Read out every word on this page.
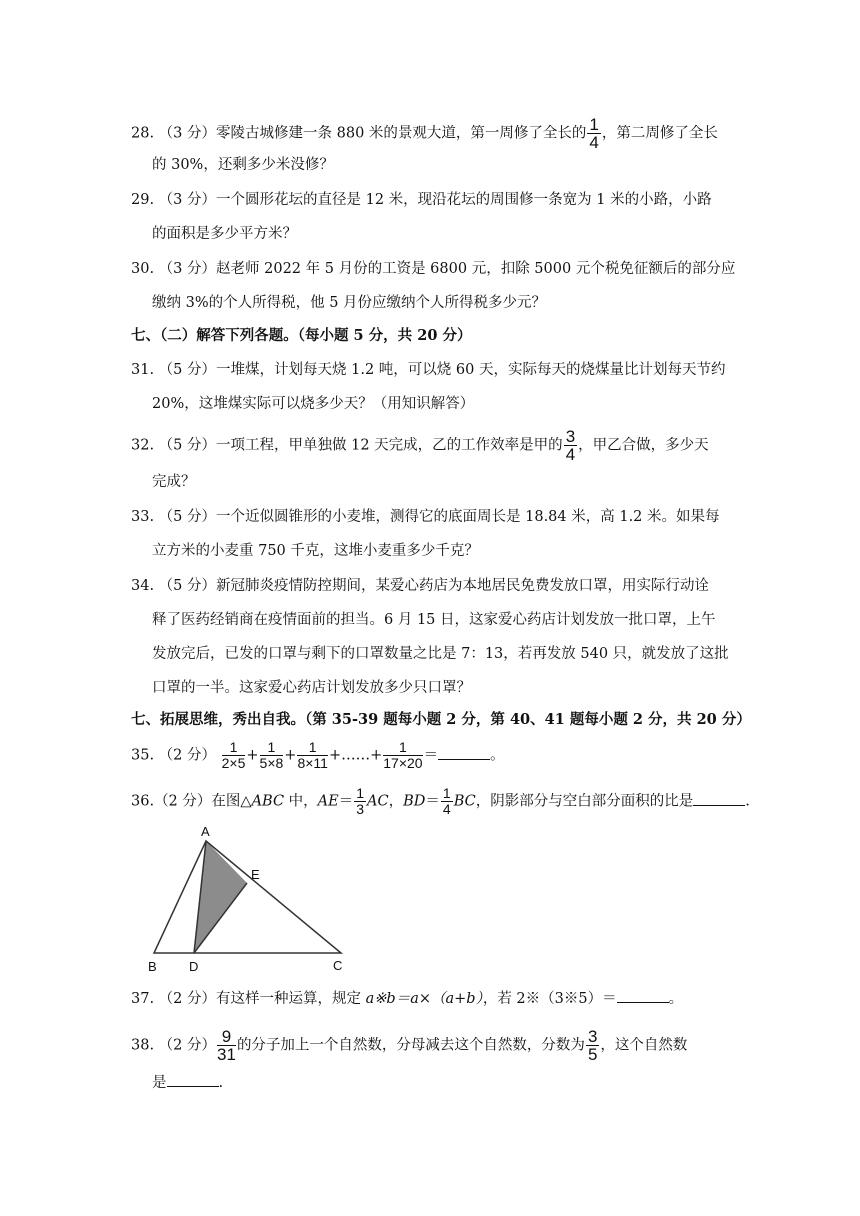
28. （3 分）零陵古城修建一条 880 米的景观大道，第一周修了全长的 $\frac{1}{4}$ ，第二周修了全长
的 30%，还剩多少米没修？
29. （3 分）一个圆形花坛的直径是 12 米，现沿花坛的周围修一条宽为 1 米的小路，小路
的面积是多少平方米？
30. （3 分）赵老师 2022 年 5 月份的工资是 6800 元，扣除 5000 元个税免征额后的部分应
缴纳 3%的个人所得税，他 5 月份应缴纳个人所得税多少元？
七、（二）解答下列各题。（每小题 5 分，共 20 分）
31. （5 分）一堆煤，计划每天烧 1.2 吨，可以烧 60 天，实际每天的烧煤量比计划每天节约
20%，这堆煤实际可以烧多少天？（用知识解答）
32. （5 分）一项工程，甲单独做 12 天完成，乙的工作效率是甲的 $\frac{3}{4}$ ，甲乙合做，多少天
完成？
33. （5 分）一个近似圆锥形的小麦堆，测得它的底面周长是 18.84 米，高 1.2 米。如果每
立方米的小麦重 750 千克，这堆小麦重多少千克？
34. （5 分）新冠肺炎疫情防控期间，某爱心药店为本地居民免费发放口罩，用实际行动诠
释了医药经销商在疫情面前的担当。6 月 15 日，这家爱心药店计划发放一批口罩，上午
发放完后，已发的口罩与剩下的口罩数量之比是 7：13，若再发放 540 只，就发放了这批
口罩的一半。这家爱心药店计划发放多少只口罩？
七、拓展思维，秀出自我。（第 35-39 题每小题 2 分，第 40、41 题每小题 2 分，共 20 分）
35. （2 分） $\frac{1}{2\times 5} + \frac{1}{5\times 8} + \frac{1}{8\times 11}$ +……+ $\frac{1}{17\times 20}$ ＝	。
36.（2 分）在图△ABC 中，$AE= \frac{1}{3}$ AC，$BD= \frac{1}{4}$ BC，阴影部分与空白部分面积的比是	.
A
E
B D	C
37. （2 分）有这样一种运算，规定 a※b＝a×（a+b），若 2※（3※5）＝	。
38. （2 分） $\frac{9}{31}$ 的分子加上一个自然数，分母减去这个自然数，分数为 $\frac{3}{5}$ ，这个自然数
是	.
